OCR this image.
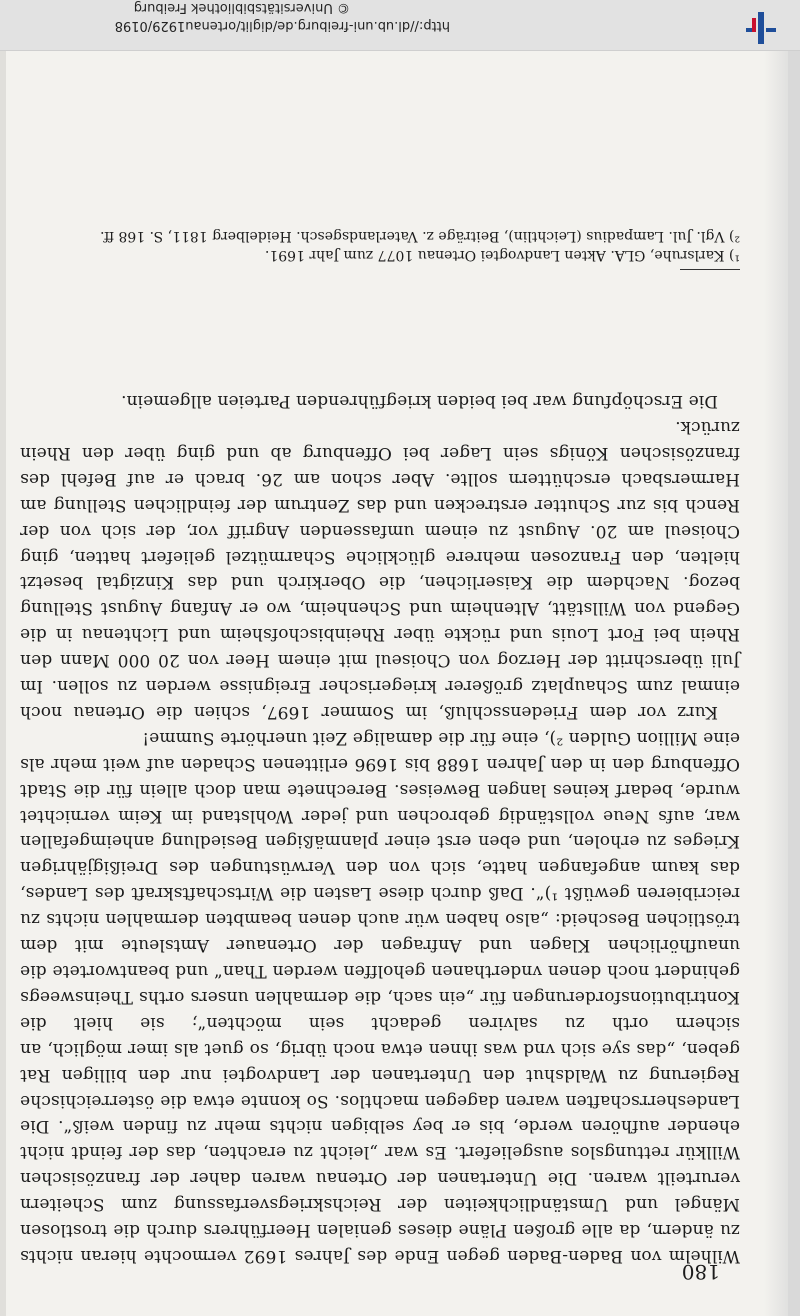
180

Wilhelm von Baden-Baden gegen Ende des Jahres 1692 vermochte hieran nichts zu ändern, da alle großen Pläne dieses genialen Heerführers durch die trostlosen Mängel und Umständlichkeiten der Reichskriegsverfassung zum Scheitern verurteilt waren. Die Untertanen der Ortenau waren daher der französischen Willkür rettungslos ausgeliefert. Es war „leicht zu erachten, das der feindt nicht ehender aufhören werde, bis er bey selbigen nichts mehr zu finden weiß“. Die Landesherrschaften waren dagegen machtlos. So konnte etwa die österreichische Regierung zu Waldshut den Untertanen der Landvogtei nur den billigen Rat geben, „das sye sich vnd was ihnen etwa noch übrig, so guet als imer möglich, an sichern orth zu salviren gedacht sein möchten“; sie hielt die Kontributionsforderungen für „ein sach, die dermahlen unsers orths Theinsweegs gehindert noch denen vnderthanen geholffen werden Than“ und beantwortete die unaufhörlichen Klagen und Anfragen der Ortenauer Amtsleute mit dem tröstlichen Bescheid: „also haben wür auch denen beambten dermahlen nichts zu reicribieren gewüßt ¹)“. Daß durch diese Lasten die Wirtschaftskraft des Landes, das kaum angefangen hatte, sich von den Verwüstungen des Dreißigjährigen Krieges zu erholen, und eben erst einer planmäßigen Besiedlung anheimgefallen war, aufs Neue vollständig gebrochen und jeder Wohlstand im Keim vernichtet wurde, bedarf keines langen Beweises. Berechnete man doch allein für die Stadt Offenburg den in den Jahren 1688 bis 1696 erlittenen Schaden auf weit mehr als eine Million Gulden ²), eine für die damalige Zeit unerhörte Summe!

Kurz vor dem Friedensschluß, im Sommer 1697, schien die Ortenau noch einmal zum Schauplatz größerer kriegerischer Ereignisse werden zu sollen. Im Juli überschritt der Herzog von Choiseul mit einem Heer von 20 000 Mann den Rhein bei Fort Louis und rückte über Rheinbischofsheim und Lichtenau in die Gegend von Willstätt, Altenheim und Schenheim, wo er Anfang August Stellung bezog. Nachdem die Kaiserlichen, die Oberkirch und das Kinzigtal besetzt hielten, den Franzosen mehrere glückliche Scharmützel geliefert hatten, ging Choiseul am 20. August zu einem umfassenden Angriff vor, der sich von der Rench bis zur Schutter erstrecken und das Zentrum der feindlichen Stellung am Harmersbach erschüttern sollte. Aber schon am 26. brach er auf Befehl des französischen Königs sein Lager bei Offenburg ab und ging über den Rhein zurück.

Die Erschöpfung war bei beiden kriegführenden Parteien allgemein.

¹) Karlsruhe, GLA. Akten Landvogtei Ortenau 1077 zum Jahr 1691.

²) Vgl. Jul. Lampadius (Leichtlin), Beiträge z. Vaterlandsgesch. Heidelberg 1811, S. 168 ff.

http://dl.ub.uni-freiburg.de/diglit/ortenau1929/0198
© Universitätsbibliothek Freiburg
